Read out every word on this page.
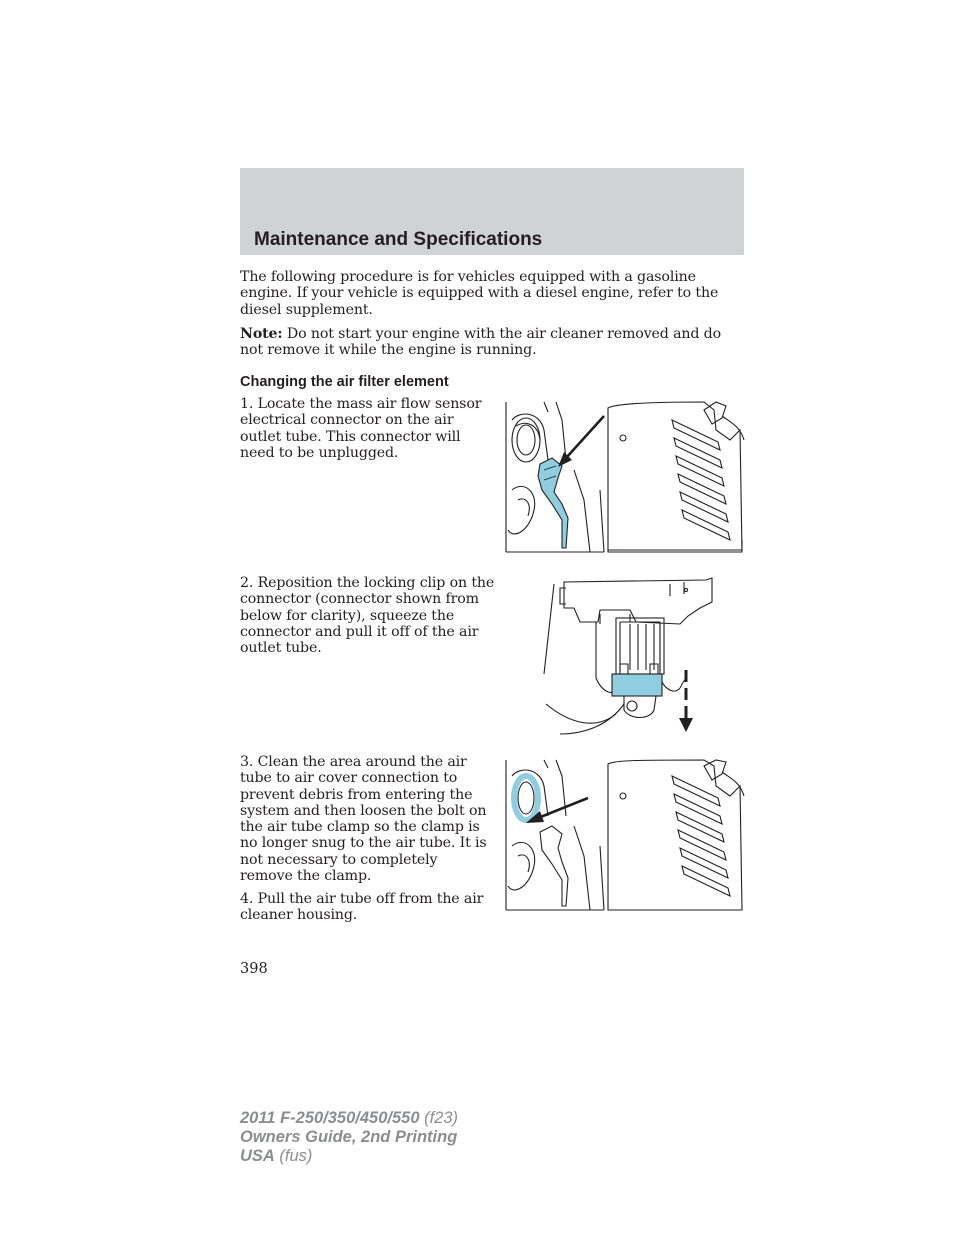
Maintenance and Specifications

The following procedure is for vehicles equipped with a gasoline engine. If your vehicle is equipped with a diesel engine, refer to the diesel supplement.

Note: Do not start your engine with the air cleaner removed and do not remove it while the engine is running.

Changing the air filter element

1. Locate the mass air flow sensor electrical connector on the air outlet tube. This connector will need to be unplugged.

2. Reposition the locking clip on the connector (connector shown from below for clarity), squeeze the connector and pull it off of the air outlet tube.

3. Clean the area around the air tube to air cover connection to prevent debris from entering the system and then loosen the bolt on the air tube clamp so the clamp is no longer snug to the air tube. It is not necessary to completely remove the clamp.

4. Pull the air tube off from the air cleaner housing.

398
2011 F-250/350/450/550 (f23)
Owners Guide, 2nd Printing
USA (fus)
